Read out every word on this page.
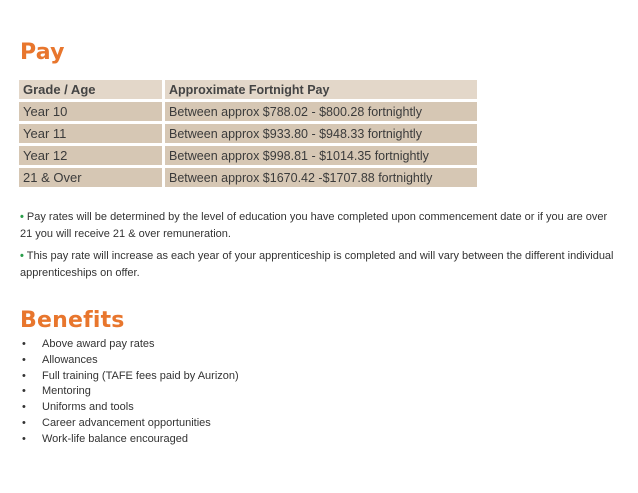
Pay
Grade / Age	Approximate Fortnight Pay
Year 10	Between approx $788.02 - $800.28 fortnightly
Year 11	Between approx $933.80 - $948.33 fortnightly
Year 12	Between approx $998.81 - $1014.35 fortnightly
21 & Over	Between approx $1670.42 -$1707.88 fortnightly

• Pay rates will be determined by the level of education you have completed upon commencement date or if you are over 21 you will receive 21 & over remuneration.

• This pay rate will increase as each year of your apprenticeship is completed and will vary between the different individual apprenticeships on offer.

Benefits
• Above award pay rates
• Allowances
• Full training (TAFE fees paid by Aurizon)
• Mentoring
• Uniforms and tools
• Career advancement opportunities
• Work-life balance encouraged
